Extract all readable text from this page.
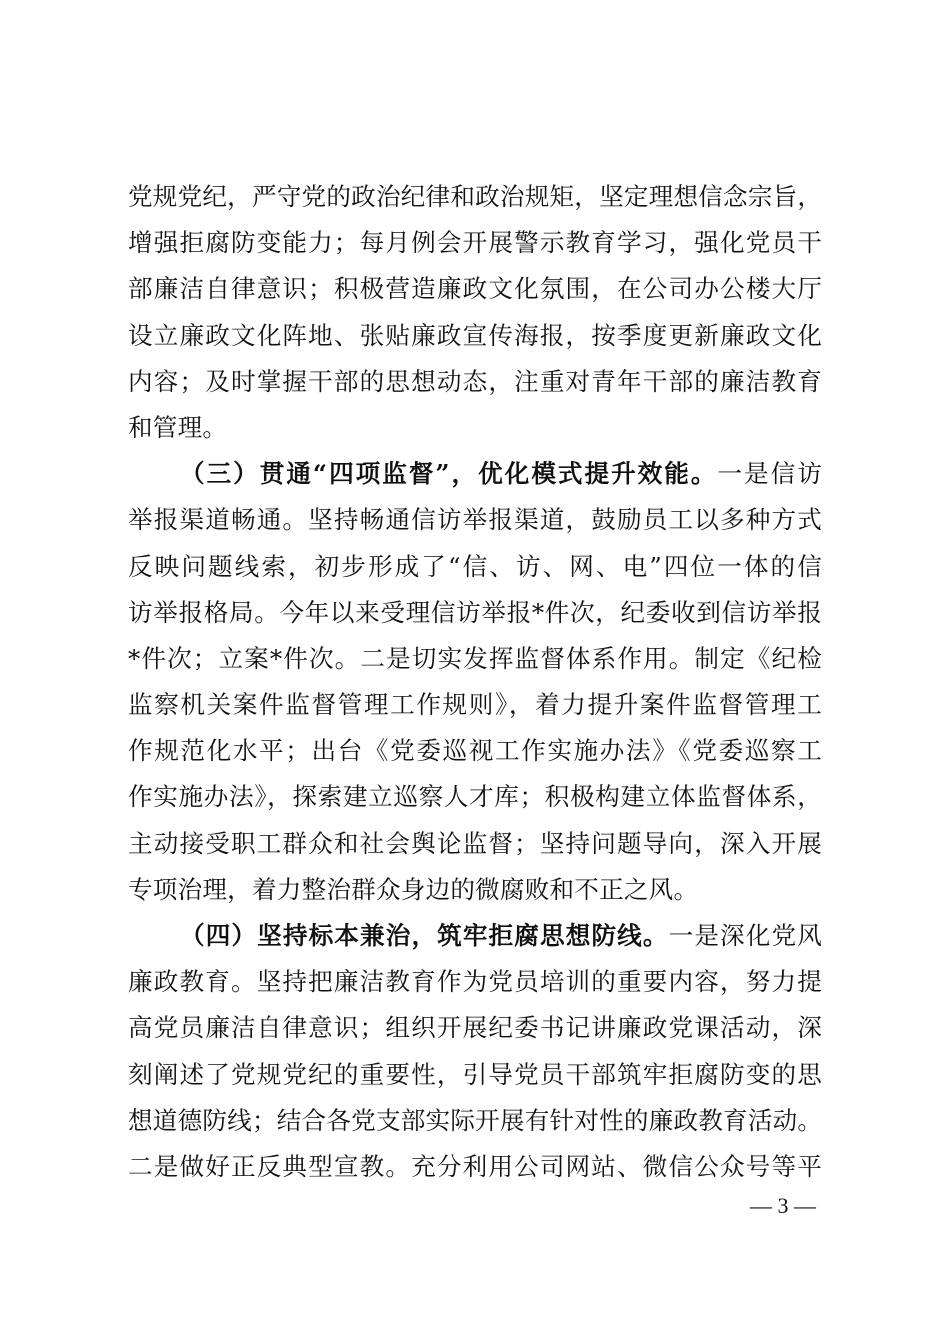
党规党纪，严守党的政治纪律和政治规矩，坚定理想信念宗旨，
增强拒腐防变能力；每月例会开展警示教育学习，强化党员干
部廉洁自律意识；积极营造廉政文化氛围，在公司办公楼大厅
设立廉政文化阵地、张贴廉政宣传海报，按季度更新廉政文化
内容；及时掌握干部的思想动态，注重对青年干部的廉洁教育
和管理。
（三）贯通“四项监督”，优化模式提升效能。一是信访
举报渠道畅通。坚持畅通信访举报渠道，鼓励员工以多种方式
反映问题线索，初步形成了“信、访、网、电”四位一体的信
访举报格局。今年以来受理信访举报*件次，纪委收到信访举报
*件次；立案*件次。二是切实发挥监督体系作用。制定《纪检
监察机关案件监督管理工作规则》，着力提升案件监督管理工
作规范化水平；出台《党委巡视工作实施办法》《党委巡察工
作实施办法》，探索建立巡察人才库；积极构建立体监督体系，
主动接受职工群众和社会舆论监督；坚持问题导向，深入开展
专项治理，着力整治群众身边的微腐败和不正之风。
（四）坚持标本兼治，筑牢拒腐思想防线。一是深化党风
廉政教育。坚持把廉洁教育作为党员培训的重要内容，努力提
高党员廉洁自律意识；组织开展纪委书记讲廉政党课活动，深
刻阐述了党规党纪的重要性，引导党员干部筑牢拒腐防变的思
想道德防线；结合各党支部实际开展有针对性的廉政教育活动。
二是做好正反典型宣教。充分利用公司网站、微信公众号等平
— 3 —
